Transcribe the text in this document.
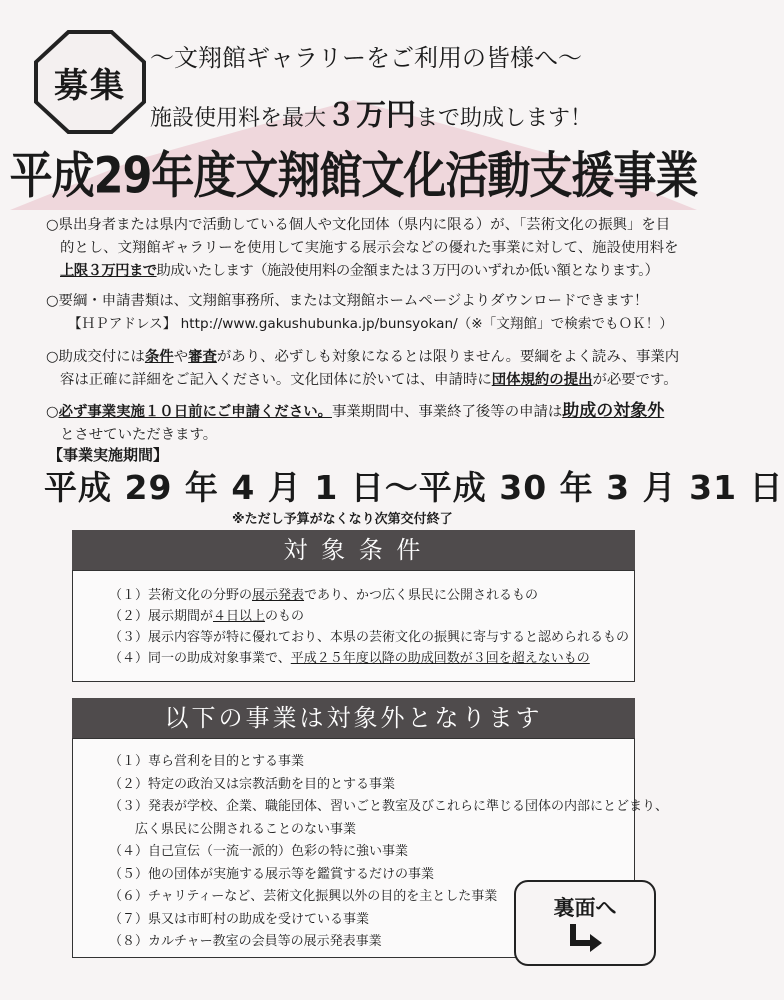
募集
～文翔館ギャラリーをご利用の皆様へ～
施設使用料を最大３万円まで助成します！
平成29年度文翔館文化活動支援事業
○県出身者または県内で活動している個人や文化団体（県内に限る）が、「芸術文化の振興」を目
的とし、文翔館ギャラリーを使用して実施する展示会などの優れた事業に対して、施設使用料を
上限３万円まで助成いたします（施設使用料の金額または３万円のいずれか低い額となります。）
○要綱・申請書類は、文翔館事務所、または文翔館ホームページよりダウンロードできます！
【ＨＰアドレス】 http://www.gakushubunka.jp/bunsyokan/（※「文翔館」で検索でもＯＫ！）
○助成交付には条件や審査があり、必ずしも対象になるとは限りません。要綱をよく読み、事業内
容は正確に詳細をご記入ください。文化団体に於いては、申請時に団体規約の提出が必要です。
○必ず事業実施１０日前にご申請ください。事業期間中、事業終了後等の申請は助成の対象外
とさせていただきます。
【事業実施期間】
平成 29 年 4 月 1 日～平成 30 年 3 月 31 日
※ただし予算がなくなり次第交付終了
対 象 条 件
（１）芸術文化の分野の展示発表であり、かつ広く県民に公開されるもの
（２）展示期間が４日以上のもの
（３）展示内容等が特に優れており、本県の芸術文化の振興に寄与すると認められるもの
（４）同一の助成対象事業で、平成２５年度以降の助成回数が３回を超えないもの
以下の事業は対象外となります
（１）専ら営利を目的とする事業
（２）特定の政治又は宗教活動を目的とする事業
（３）発表が学校、企業、職能団体、習いごと教室及びこれらに準じる団体の内部にとどまり、
　　広く県民に公開されることのない事業
（４）自己宣伝（一流一派的）色彩の特に強い事業
（５）他の団体が実施する展示等を鑑賞するだけの事業
（６）チャリティーなど、芸術文化振興以外の目的を主とした事業
（７）県又は市町村の助成を受けている事業
（８）カルチャー教室の会員等の展示発表事業
裏面へ
